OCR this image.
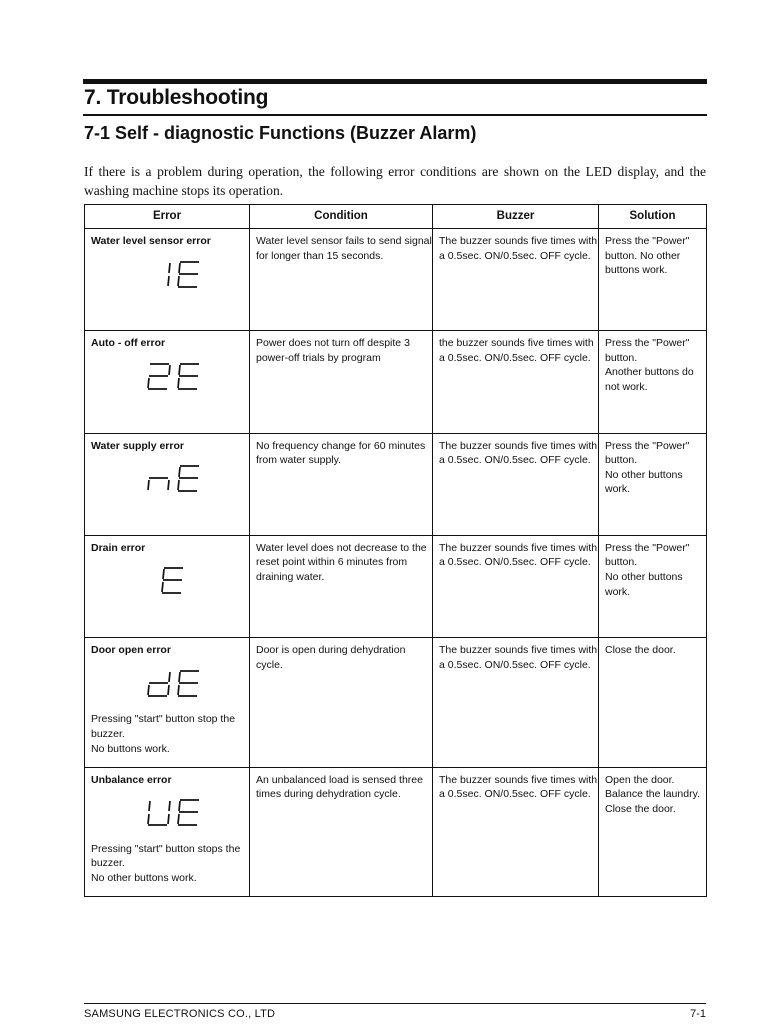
7. Troubleshooting
7-1 Self - diagnostic Functions (Buzzer Alarm)

If there is a problem during operation, the following error conditions are shown on the LED display, and the washing machine stops its operation.

Error	Condition	Buzzer	Solution

Water level sensor error	Water level sensor fails to send signal for longer than 15 seconds.	The buzzer sounds five times with a 0.5sec. ON/0.5sec. OFF cycle.	Press the "Power" button. No other buttons work.

Auto - off error	Power does not turn off despite 3 power-off trials by program	the buzzer sounds five times with a 0.5sec. ON/0.5sec. OFF cycle.	Press the "Power" button.
Another buttons do not work.

Water supply error	No frequency change for 60 minutes from water supply.	The buzzer sounds five times with a 0.5sec. ON/0.5sec. OFF cycle.	Press the "Power" button.
No other buttons work.

Drain error	Water level does not decrease to the reset point within 6 minutes from draining water.	The buzzer sounds five times with a 0.5sec. ON/0.5sec. OFF cycle.	Press the "Power" button.
No other buttons work.

Door open error
Pressing "start" button stop the buzzer.
No buttons work.	Door is open during dehydration cycle.	The buzzer sounds five times with a 0.5sec. ON/0.5sec. OFF cycle.	Close the door.

Unbalance error
Pressing "start" button stops the buzzer.
No other buttons work.	An unbalanced load is sensed three times during dehydration cycle.	The buzzer sounds five times with a 0.5sec. ON/0.5sec. OFF cycle.	Open the door.
Balance the laundry.
Close the door.
SAMSUNG ELECTRONICS CO., LTD	7-1
